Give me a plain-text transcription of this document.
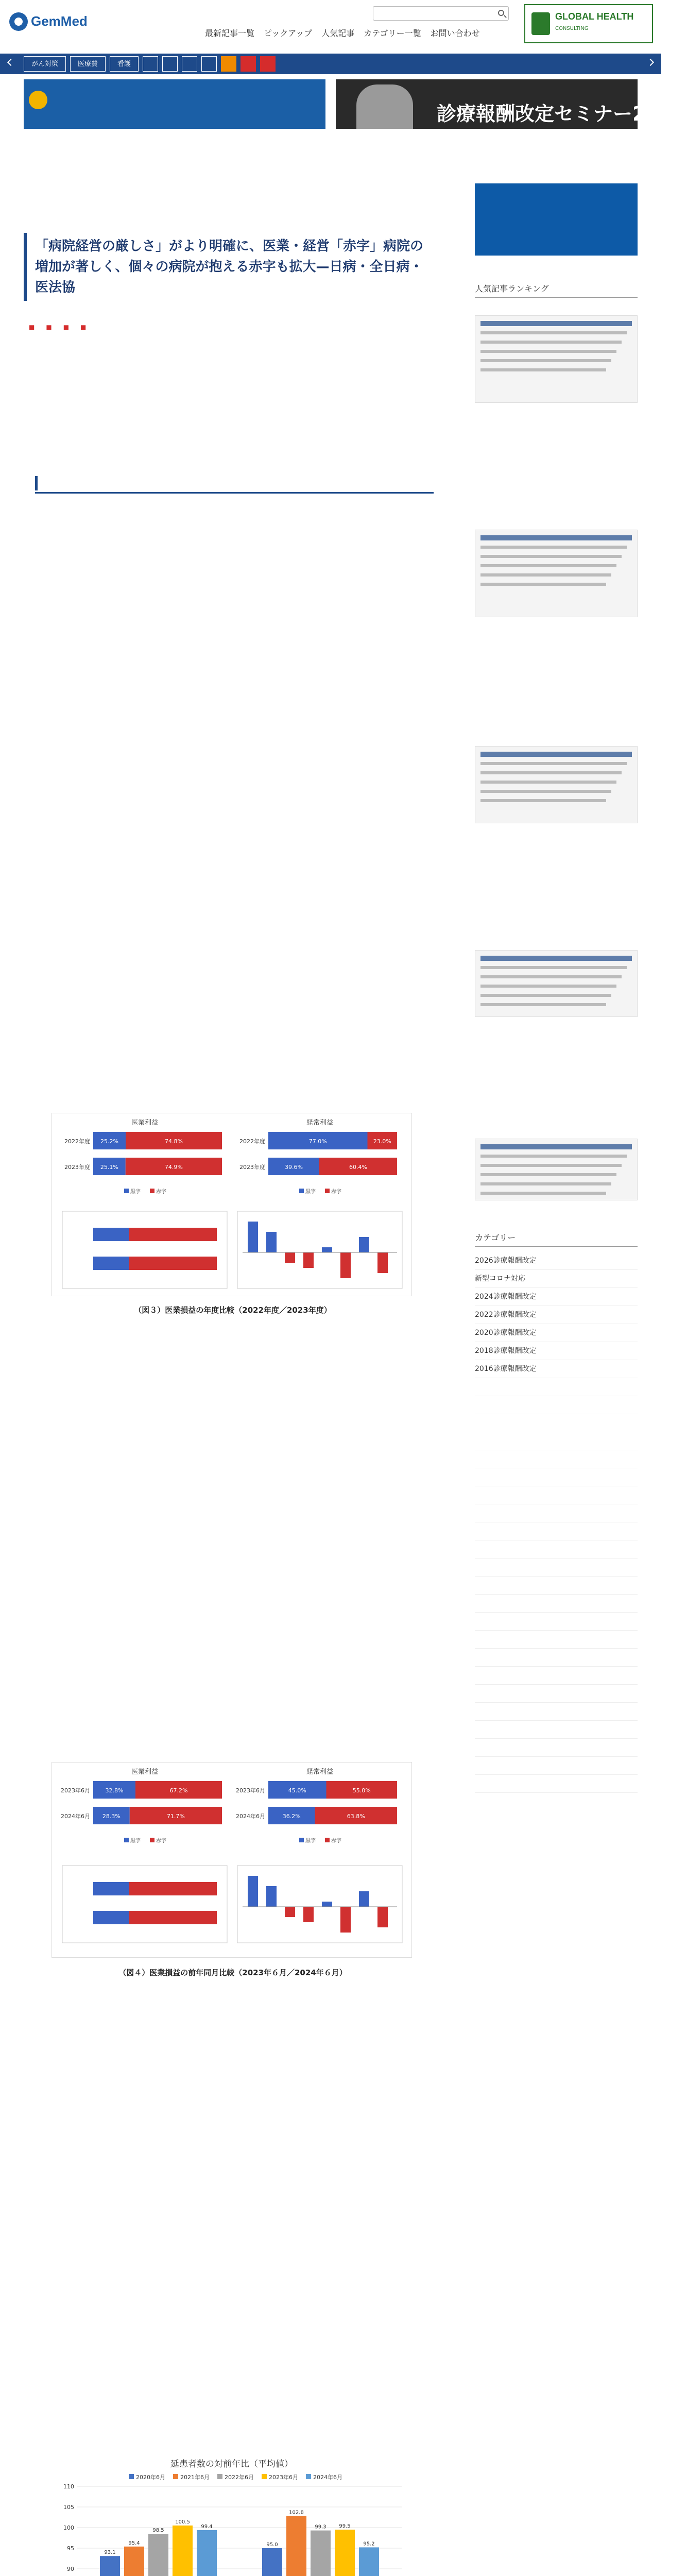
GemMed
最新記事一覧 ピックアップ 人気記事 カテゴリー一覧 お問い合わせ
GLOBAL HEALTH
CONSULTING
がん対策	医療費	看護
診療報酬改定セミナー2026
「病院経営の厳しさ」がより明確に、医業・経営「赤字」病院の増加が著しく、個々の病院が抱える赤字も拡大—日病・全日病・医法協
■
■
■
■

医業利益
2022年度 25.2%	74.8%
2023年度 25.1%	74.9%
黒字	赤字
経常利益
2022年度	77.0%	23.0%
2023年度	39.6%	60.4%
黒字	赤字
（図３）医業損益の年度比較（2022年度／2023年度）

医業利益
2023年6月	32.8%	67.2%
2024年6月 28.3%	71.7%
黒字	赤字
経常利益
2023年6月	45.0%	55.0%
2024年6月	36.2%	63.8%
黒字	赤字
（図４）医業損益の前年同月比較（2023年６月／2024年６月）

延患者数の対前年比（平均値）
2020年6月	2021年6月	2022年6月	2023年6月	2024年6月
90
95
100
105
110
93.1
95.4
98.5
100.5
99.4
95.0
102.8
99.3 99.5
95.2

人気記事ランキング
カテゴリー
2026診療報酬改定
新型コロナ対応
2024診療報酬改定
2022診療報酬改定
2020診療報酬改定
2018診療報酬改定
2016診療報酬改定
